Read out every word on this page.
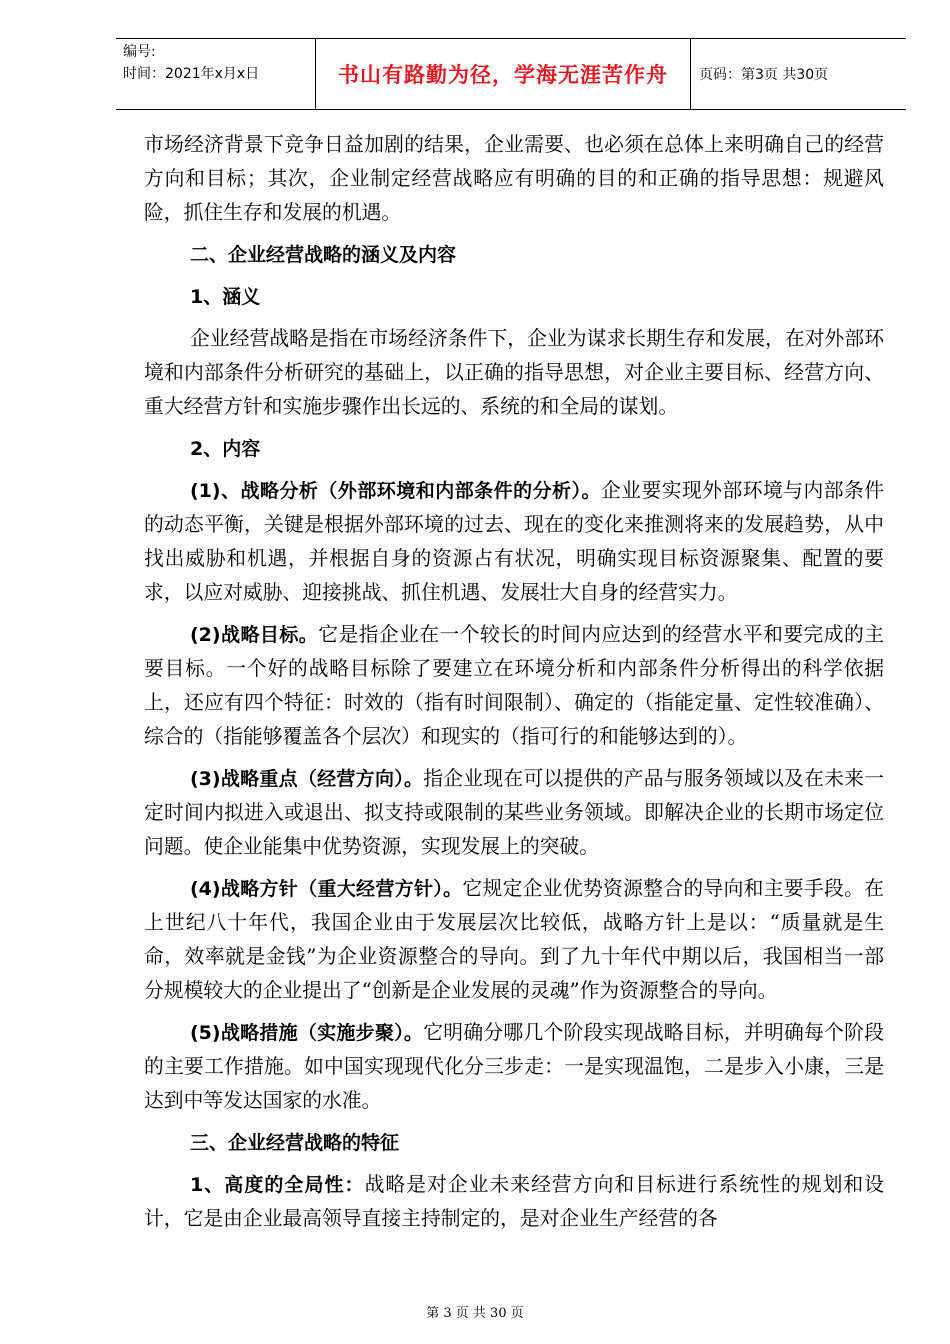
编号:
时间：2021年x月x日	书山有路勤为径，学海无涯苦作舟	页码：第3页 共30页

市场经济背景下竞争日益加剧的结果，企业需要、也必须在总体上来明确自己的经营方向和目标；其次，企业制定经营战略应有明确的目的和正确的指导思想：规避风险，抓住生存和发展的机遇。

二、企业经营战略的涵义及内容

1、涵义

企业经营战略是指在市场经济条件下，企业为谋求长期生存和发展，在对外部环境和内部条件分析研究的基础上，以正确的指导思想，对企业主要目标、经营方向、重大经营方针和实施步骤作出长远的、系统的和全局的谋划。

2、内容

(1)、战略分析（外部环境和内部条件的分析）。企业要实现外部环境与内部条件的动态平衡，关键是根据外部环境的过去、现在的变化来推测将来的发展趋势，从中找出威胁和机遇，并根据自身的资源占有状况，明确实现目标资源聚集、配置的要求，以应对威胁、迎接挑战、抓住机遇、发展壮大自身的经营实力。

(2)战略目标。它是指企业在一个较长的时间内应达到的经营水平和要完成的主要目标。一个好的战略目标除了要建立在环境分析和内部条件分析得出的科学依据上，还应有四个特征：时效的（指有时间限制）、确定的（指能定量、定性较准确）、综合的（指能够覆盖各个层次）和现实的（指可行的和能够达到的）。

(3)战略重点（经营方向）。指企业现在可以提供的产品与服务领域以及在未来一定时间内拟进入或退出、拟支持或限制的某些业务领域。即解决企业的长期市场定位问题。使企业能集中优势资源，实现发展上的突破。

(4)战略方针（重大经营方针）。它规定企业优势资源整合的导向和主要手段。在上世纪八十年代，我国企业由于发展层次比较低，战略方针上是以：“质量就是生命，效率就是金钱”为企业资源整合的导向。到了九十年代中期以后，我国相当一部分规模较大的企业提出了“创新是企业发展的灵魂”作为资源整合的导向。

(5)战略措施（实施步聚）。它明确分哪几个阶段实现战略目标，并明确每个阶段的主要工作措施。如中国实现现代化分三步走：一是实现温饱，二是步入小康，三是达到中等发达国家的水准。

三、企业经营战略的特征

1、高度的全局性：战略是对企业未来经营方向和目标进行系统性的规划和设计，它是由企业最高领导直接主持制定的，是对企业生产经营的各

第 3 页 共 30 页
